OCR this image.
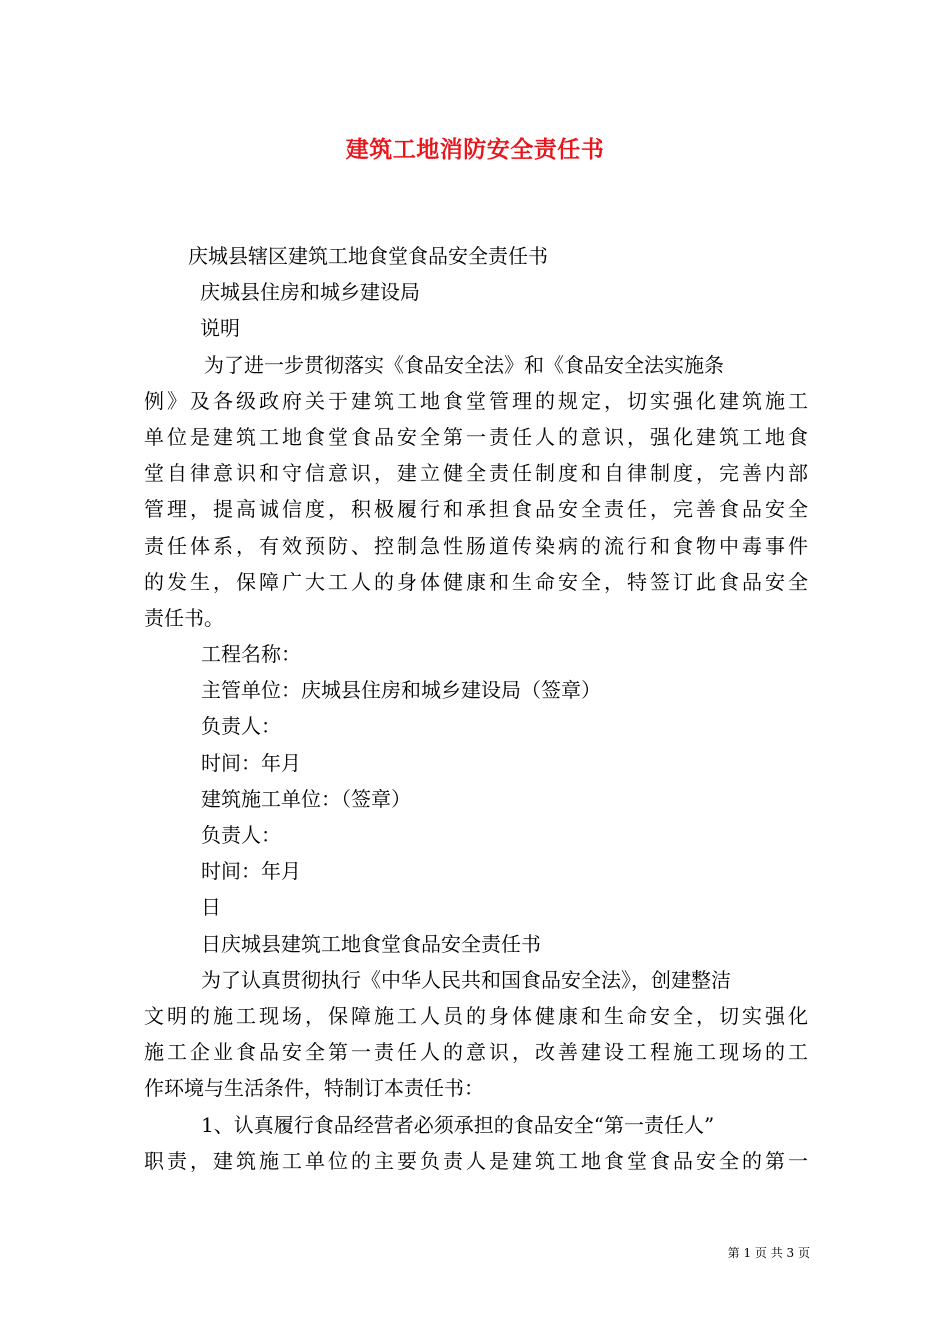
建筑工地消防安全责任书
庆城县辖区建筑工地食堂食品安全责任书
庆城县住房和城乡建设局
说明
为了进一步贯彻落实《食品安全法》和《食品安全法实施条
例》及各级政府关于建筑工地食堂管理的规定，切实强化建筑施工
单位是建筑工地食堂食品安全第一责任人的意识，强化建筑工地食
堂自律意识和守信意识，建立健全责任制度和自律制度，完善内部
管理，提高诚信度，积极履行和承担食品安全责任，完善食品安全
责任体系，有效预防、控制急性肠道传染病的流行和食物中毒事件
的发生，保障广大工人的身体健康和生命安全，特签订此食品安全
责任书。
工程名称：
主管单位：庆城县住房和城乡建设局（签章）
负责人：
时间：年月
建筑施工单位：（签章）
负责人：
时间：年月
日
日庆城县建筑工地食堂食品安全责任书
为了认真贯彻执行《中华人民共和国食品安全法》，创建整洁
文明的施工现场，保障施工人员的身体健康和生命安全，切实强化
施工企业食品安全第一责任人的意识，改善建设工程施工现场的工
作环境与生活条件，特制订本责任书：
1、认真履行食品经营者必须承担的食品安全“第一责任人”
职责，建筑施工单位的主要负责人是建筑工地食堂食品安全的第一
第 1 页 共 3 页
